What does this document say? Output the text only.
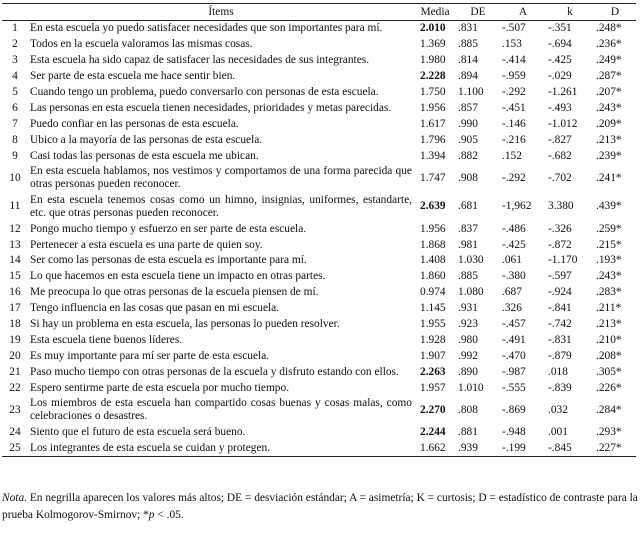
	Ítems	Media	DE	A	k	D
1	En esta escuela yo puedo satisfacer necesidades que son importantes para mí.	2.010	.831	-.507	-.351	.248*
2	Todos en la escuela valoramos las mismas cosas.	1.369	.885	.153	-.694	.236*
3	Esta escuela ha sido capaz de satisfacer las necesidades de sus integrantes.	1.980	.814	-.414	-.425	.249*
4	Ser parte de esta escuela me hace sentir bien.	2.228	.894	-.959	-.029	.287*
5	Cuando tengo un problema, puedo conversarlo con personas de esta escuela.	1.750	1.100	-.292	-1.261	.207*
6	Las personas en esta escuela tienen necesidades, prioridades y metas parecidas.	1.956	.857	-.451	-.493	.243*
7	Puedo confiar en las personas de esta escuela.	1.617	.990	-.146	-1.012	.209*
8	Ubico a la mayoría de las personas de esta escuela.	1.796	.905	-.216	-.827	.213*
9	Casi todas las personas de esta escuela me ubican.	1.394	.882	.152	-.682	.239*
10	En esta escuela hablamos, nos vestimos y comportamos de una forma parecida que otras personas pueden reconocer.	1.747	.908	-.292	-.702	.241*
11	En esta escuela tenemos cosas como un himno, insignias, uniformes, estandarte, etc. que otras personas pueden reconocer.	2.639	.681	-1,962	3.380	.439*
12	Pongo mucho tiempo y esfuerzo en ser parte de esta escuela.	1.956	.837	-.486	-.326	.259*
13	Pertenecer a esta escuela es una parte de quien soy.	1.868	.981	-.425	-.872	.215*
14	Ser como las personas de esta escuela es importante para mí.	1.408	1.030	.061	-1.170	.193*
15	Lo que hacemos en esta escuela tiene un impacto en otras partes.	1.860	.885	-.380	-.597	.243*
16	Me preocupa lo que otras personas de la escuela piensen de mí.	0.974	1.080	.687	-.924	.283*
17	Tengo influencia en las cosas que pasan en mi escuela.	1.145	.931	.326	-.841	.211*
18	Si hay un problema en esta escuela, las personas lo pueden resolver.	1.955	.923	-.457	-.742	.213*
19	Esta escuela tiene buenos líderes.	1.928	.980	-.491	-.831	.210*
20	Es muy importante para mí ser parte de esta escuela.	1.907	.992	-.470	-.879	.208*
21	Paso mucho tiempo con otras personas de la escuela y disfruto estando con ellos.	2.263	.890	-.987	.018	.305*
22	Espero sentirme parte de esta escuela por mucho tiempo.	1.957	1.010	-.555	-.839	.226*
23	Los miembros de esta escuela han compartido cosas buenas y cosas malas, como celebraciones o desastres.	2.270	.808	-.869	.032	.284*
24	Siento que el futuro de esta escuela será bueno.	2.244	.881	-.948	.001	.293*
25	Los integrantes de esta escuela se cuidan y protegen.	1.662	.939	-.199	-.845	.227*
Nota. En negrilla aparecen los valores más altos; DE = desviación estándar; A = asimetría; K = curtosis; D = estadístico de contraste para la prueba Kolmogorov-Smirnov; *p < .05.
